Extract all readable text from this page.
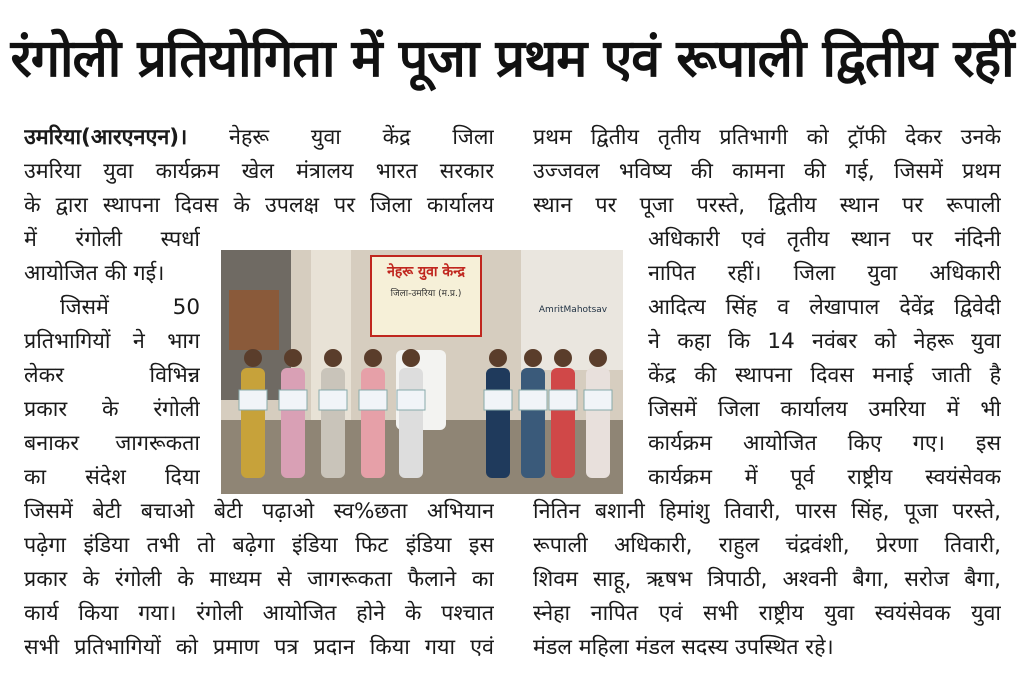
रंगोली प्रतियोगिता में पूजा प्रथम एवं रूपाली द्वितीय रहीं
उमरिया(आरएनएन)। नेहरू युवा केंद्र जिला
उमरिया युवा कार्यक्रम खेल मंत्रालय भारत सरकार
के द्वारा स्थापना दिवस के उपलक्ष पर जिला कार्यालय
में रंगोली स्पर्धा
आयोजित की गई।
जिसमें 50
प्रतिभागियों ने भाग
लेकर विभिन्न
प्रकार के रंगोली
बनाकर जागरूकता
का संदेश दिया
जिसमें बेटी बचाओ बेटी पढ़ाओ स्व%छता अभियान
पढ़ेगा इंडिया तभी तो बढ़ेगा इंडिया फिट इंडिया इस
प्रकार के रंगोली के माध्यम से जागरूकता फैलाने का
कार्य किया गया। रंगोली आयोजित होने के पश्चात
सभी प्रतिभागियों को प्रमाण पत्र प्रदान किया गया एवं
प्रथम द्वितीय तृतीय प्रतिभागी को ट्रॉफी देकर उनके
उज्जवल भविष्य की कामना की गई, जिसमें प्रथम
स्थान पर पूजा परस्ते, द्वितीय स्थान पर रूपाली
अधिकारी एवं तृतीय स्थान पर नंदिनी
नापित रहीं। जिला युवा अधिकारी
आदित्य सिंह व लेखापाल देवेंद्र द्विवेदी
ने कहा कि 14 नवंबर को नेहरू युवा
केंद्र की स्थापना दिवस मनाई जाती है
जिसमें जिला कार्यालय उमरिया में भी
कार्यक्रम आयोजित किए गए। इस
कार्यक्रम में पूर्व राष्ट्रीय स्वयंसेवक
नितिन बशानी हिमांशु तिवारी, पारस सिंह, पूजा परस्ते,
रूपाली अधिकारी, राहुल चंद्रवंशी, प्रेरणा तिवारी,
शिवम साहू, ऋषभ त्रिपाठी, अश्वनी बैगा, सरोज बैगा,
स्नेहा नापित एवं सभी राष्ट्रीय युवा स्वयंसेवक युवा
मंडल महिला मंडल सदस्य उपस्थित रहे।
नेहरू युवा केन्द्र
जिला-उमरिया (म.प्र.)
AmritMahotsav
